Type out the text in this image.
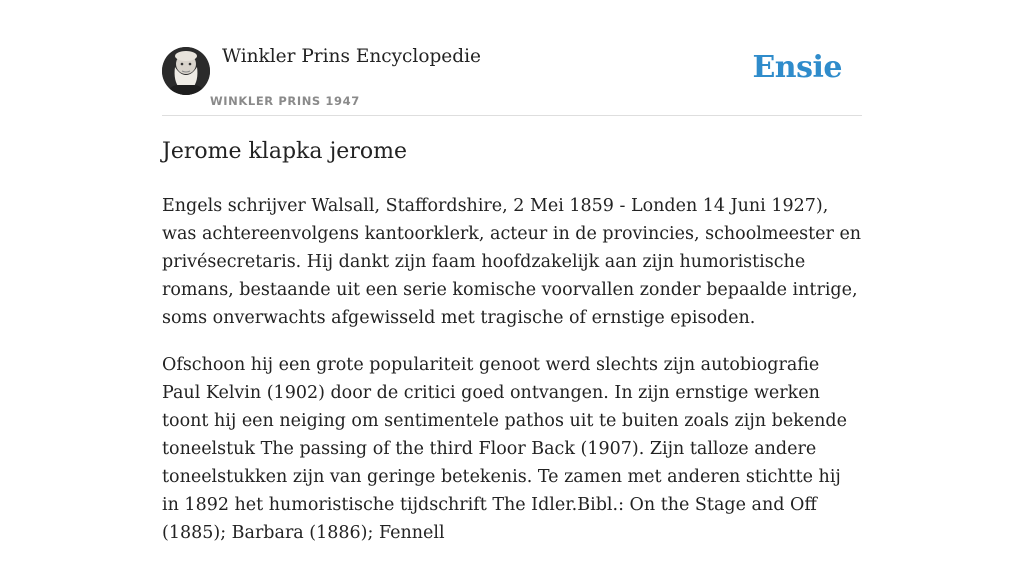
Winkler Prins Encyclopedie
WINKLER PRINS 1947
Ensie
Jerome klapka jerome

Engels schrijver Walsall, Staffordshire, 2 Mei 1859 - Londen 14 Juni 1927), was achtereenvolgens kantoorklerk, acteur in de provincies, schoolmeester en privésecretaris. Hij dankt zijn faam hoofdzakelijk aan zijn humoristische romans, bestaande uit een serie komische voorvallen zonder bepaalde intrige, soms onverwachts afgewisseld met tragische of ernstige episoden.

Ofschoon hij een grote populariteit genoot werd slechts zijn autobiografie Paul Kelvin (1902) door de critici goed ontvangen. In zijn ernstige werken toont hij een neiging om sentimentele pathos uit te buiten zoals zijn bekende toneelstuk The passing of the third Floor Back (1907). Zijn talloze andere toneelstukken zijn van geringe betekenis. Te zamen met anderen stichtte hij in 1892 het humoristische tijdschrift The Idler.Bibl.: On the Stage and Off (1885); Barbara (1886); Fennell
